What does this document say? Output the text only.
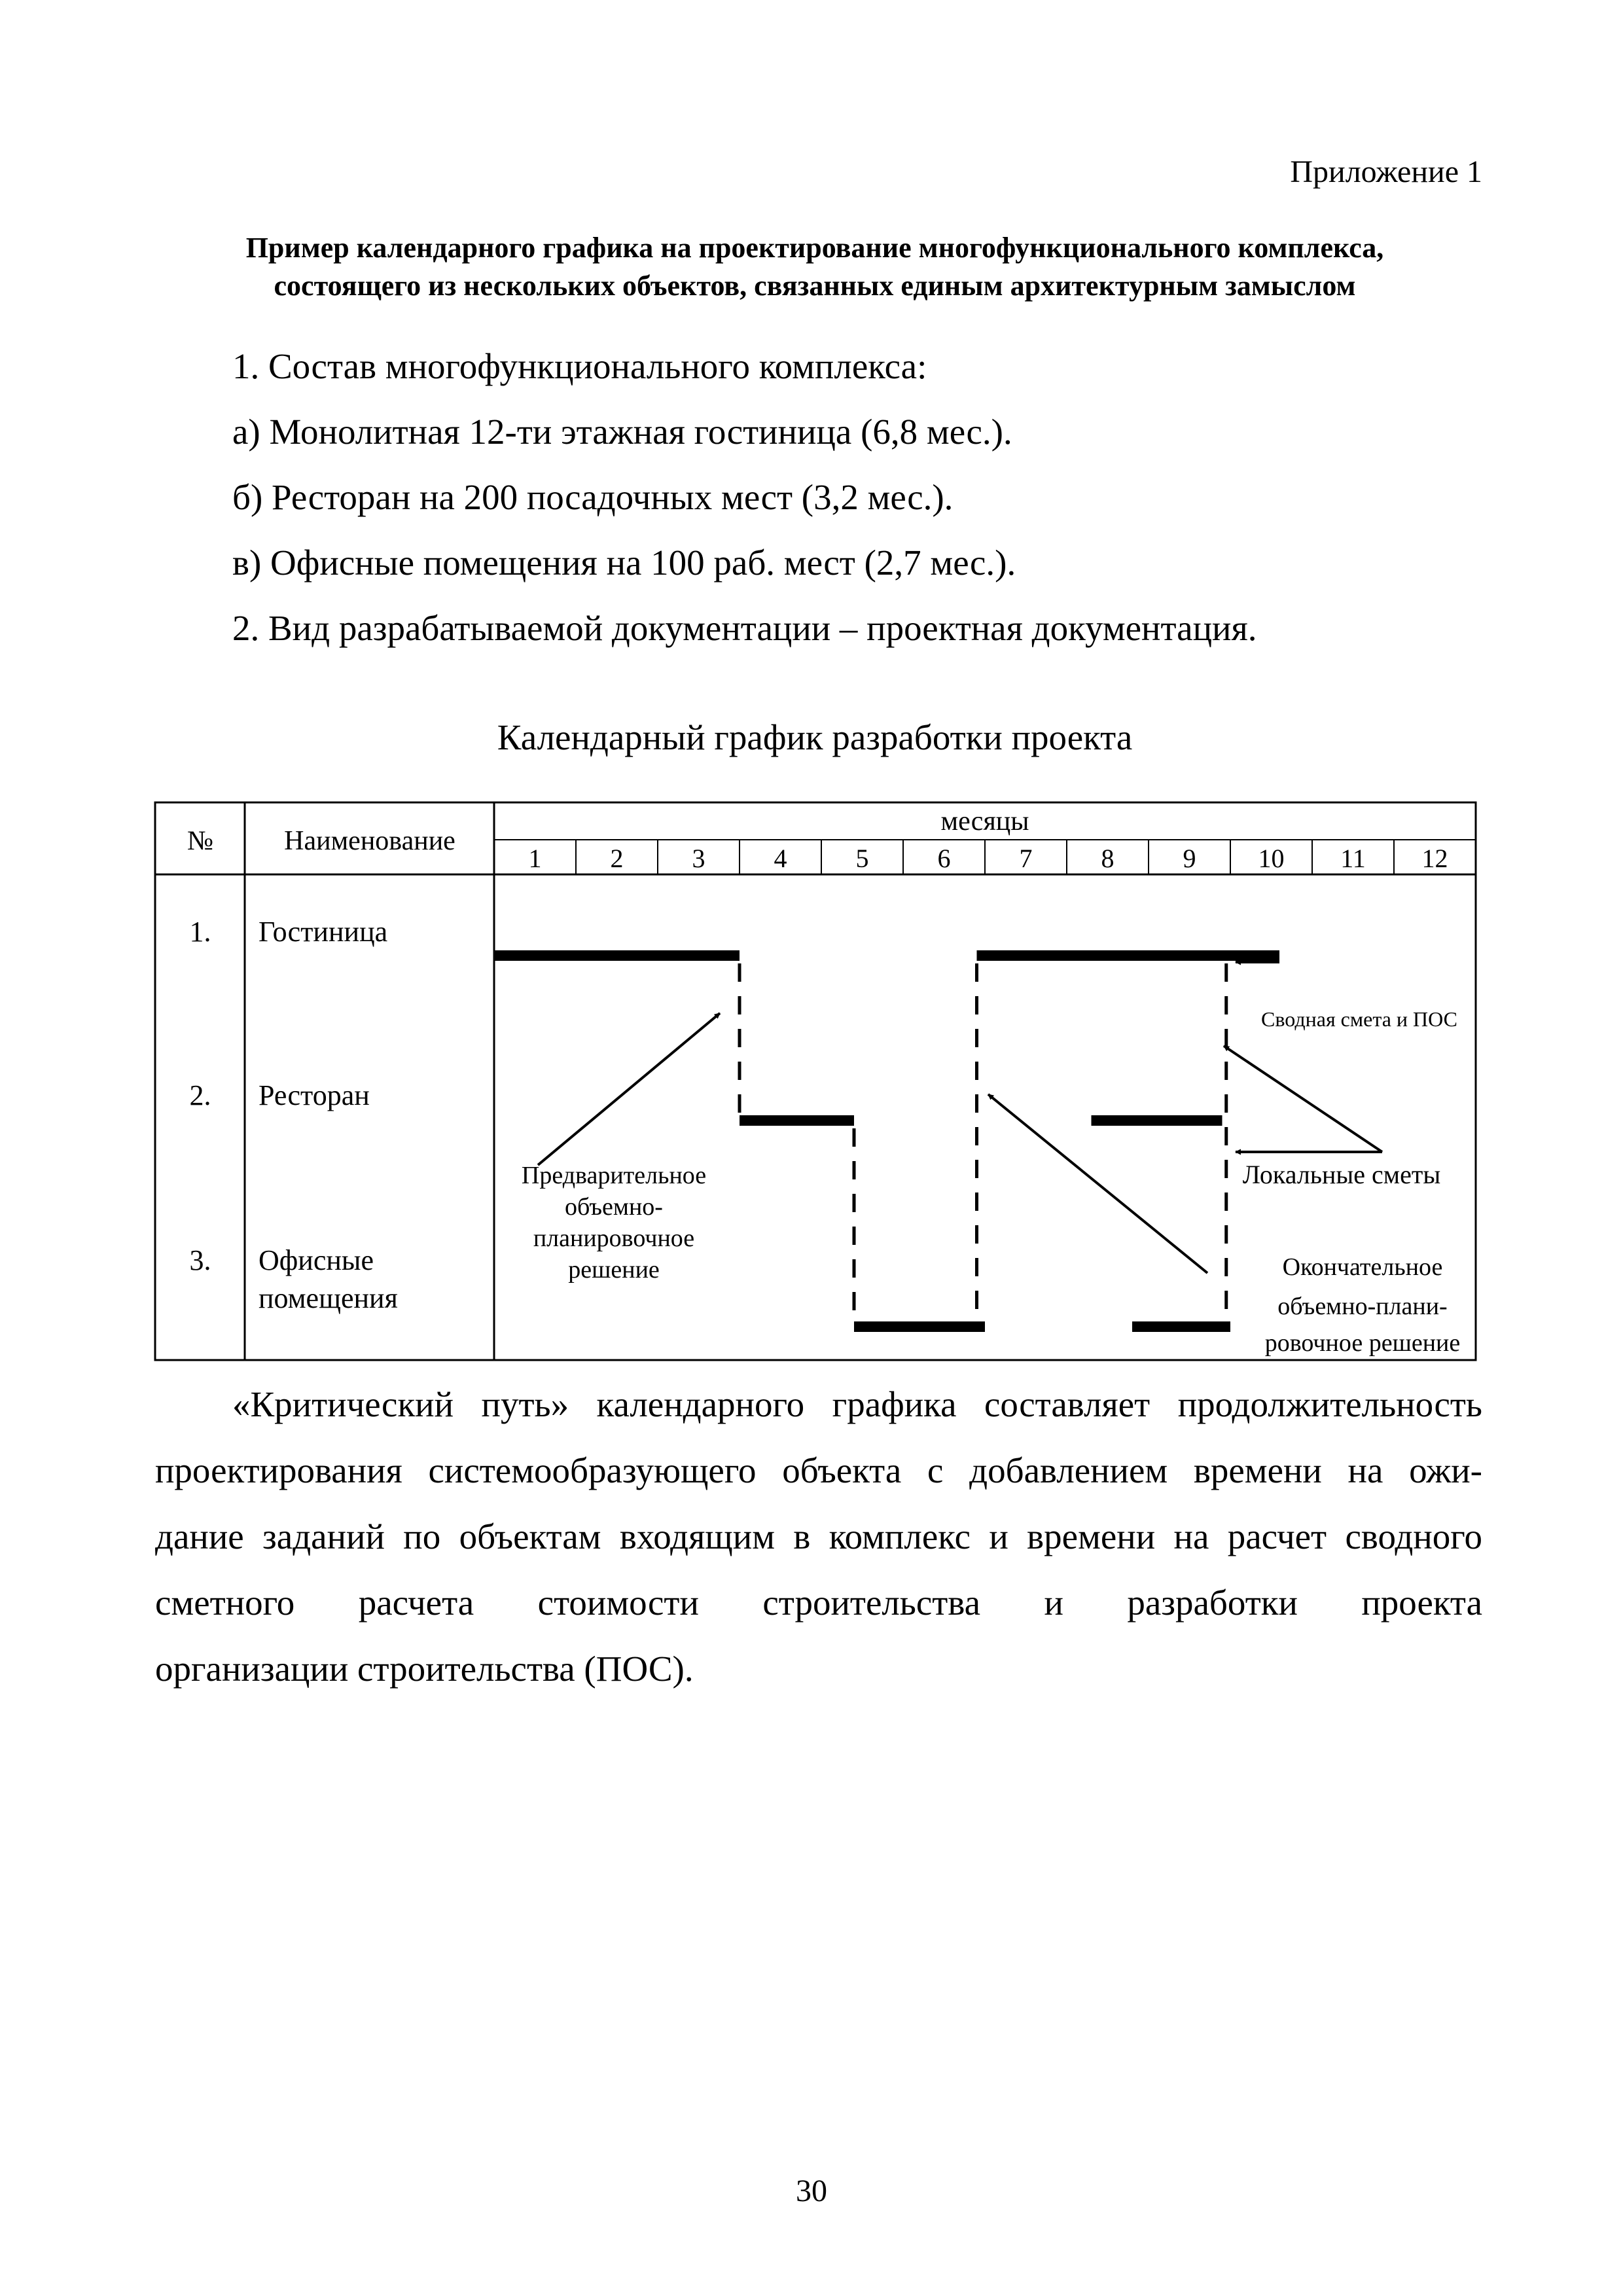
Приложение 1
Пример календарного графика на проектирование многофункционального комплекса,
состоящего из нескольких объектов, связанных единым архитектурным замыслом
1. Состав многофункционального комплекса:
а) Монолитная 12-ти этажная гостиница (6,8 мес.).
б) Ресторан на 200 посадочных мест (3,2 мес.).
в) Офисные помещения на 100 раб. мест (2,7 мес.).
2. Вид разрабатываемой документации – проектная документация.
Календарный график разработки проекта
1	2	3	4	5	6	7	8	9 10 11 12
№	Наименование
месяцы
1. Гостиница
2. Ресторан
3. Офисные
помещения
Предварительное
объемно-
планировочное
решение
Сводная смета и ПОС
Локальные сметы
Окончательное
объемно-плани-
ровочное решение
«Критический путь» календарного графика составляет продолжительность
проектирования системообразующего объекта с добавлением времени на ожи-
дание заданий по объектам входящим в комплекс и времени на расчет сводного
сметного расчета стоимости строительства и разработки проекта
организации строительства (ПОС).
30
